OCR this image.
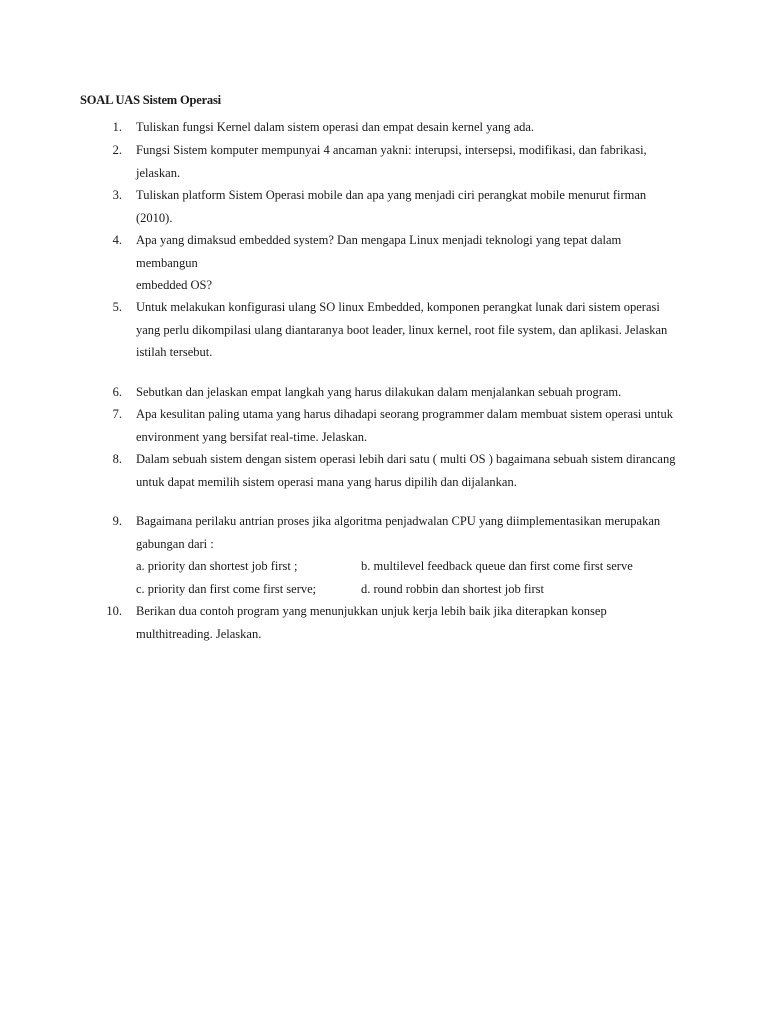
SOAL UAS Sistem Operasi
1. Tuliskan fungsi Kernel dalam sistem operasi dan empat desain kernel yang ada.
2. Fungsi Sistem komputer mempunyai 4 ancaman yakni: interupsi, intersepsi, modifikasi, dan fabrikasi,
jelaskan.
3. Tuliskan platform Sistem Operasi mobile dan apa yang menjadi ciri perangkat mobile menurut firman
(2010).
4. Apa yang dimaksud embedded system? Dan mengapa Linux menjadi teknologi yang tepat dalam
membangun
embedded OS?
5. Untuk melakukan konfigurasi ulang SO linux Embedded, komponen perangkat lunak dari sistem operasi
yang perlu dikompilasi ulang diantaranya boot leader, linux kernel, root file system, dan aplikasi. Jelaskan
istilah tersebut.
6. Sebutkan dan jelaskan empat langkah yang harus dilakukan dalam menjalankan sebuah program.
7. Apa kesulitan paling utama yang harus dihadapi seorang programmer dalam membuat sistem operasi untuk
environment yang bersifat real-time. Jelaskan.
8. Dalam sebuah sistem dengan sistem operasi lebih dari satu ( multi OS ) bagaimana sebuah sistem dirancang
untuk dapat memilih sistem operasi mana yang harus dipilih dan dijalankan.
9. Bagaimana perilaku antrian proses jika algoritma penjadwalan CPU yang diimplementasikan merupakan
gabungan dari :
a. priority dan shortest job first ;	b. multilevel feedback queue dan first come first serve
c. priority dan first come first serve;	d. round robbin dan shortest job first
10. Berikan dua contoh program yang menunjukkan unjuk kerja lebih baik jika diterapkan konsep
multhitreading. Jelaskan.
